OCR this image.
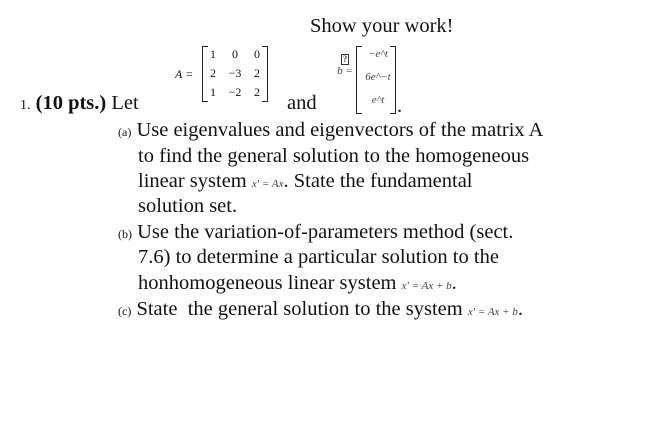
Show your work!
A =
1	0	0
2	−3	2
1	−2	2
1. (10 pts.) Let	and
?
b =
−e^t
6e^−t
e^t .
(a) Use eigenvalues and eigenvectors of the matrix A
to find the general solution to the homogeneous
linear system x′ = Ax. State the fundamental
solution set.
(b) Use the variation-of-parameters method (sect.
7.6) to determine a particular solution to the
honhomogeneous linear system x′ = Ax + b.
(c) State  the general solution to the system x′ = Ax + b.
